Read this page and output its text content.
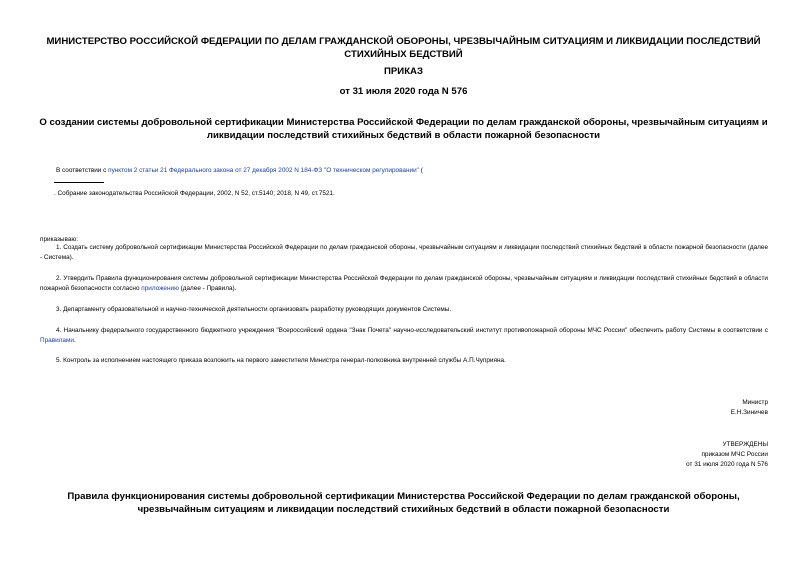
МИНИСТЕРСТВО РОССИЙСКОЙ ФЕДЕРАЦИИ ПО ДЕЛАМ ГРАЖДАНСКОЙ ОБОРОНЫ, ЧРЕЗВЫЧАЙНЫМ СИТУАЦИЯМ И ЛИКВИДАЦИИ ПОСЛЕДСТВИЙ СТИХИЙНЫХ БЕДСТВИЙ
ПРИКАЗ
от 31 июля 2020 года N 576
О создании системы добровольной сертификации Министерства Российской Федерации по делам гражданской обороны, чрезвычайным ситуациям и ликвидации последствий стихийных бедствий в области пожарной безопасности
В соответствии с пунктом 2 статьи 21 Федерального закона от 27 декабря 2002 N 184-ФЗ "О техническом регулировании" (
. Собрание законодательства Российской Федерации, 2002, N 52, ст.5140; 2018, N 49, ст.7521.
приказываю:
1. Создать систему добровольной сертификации Министерства Российской Федерации по делам гражданской обороны, чрезвычайным ситуациям и ликвидации последствий стихийных бедствий в области пожарной безопасности (далее - Система).
2. Утвердить Правила функционирования системы добровольной сертификации Министерства Российской Федерации по делам гражданской обороны, чрезвычайным ситуациям и ликвидации последствий стихийных бедствий в области пожарной безопасности согласно приложению (далее - Правила).
3. Департаменту образовательной и научно-технической деятельности организовать разработку руководящих документов Системы.
4. Начальнику федерального государственного бюджетного учреждения "Всероссийский ордена "Знак Почета" научно-исследовательский институт противопожарной обороны МЧС России" обеспечить работу Системы в соответствии с Правилами.
5. Контроль за исполнением настоящего приказа возложить на первого заместителя Министра генерал-полковника внутренней службы А.П.Чуприяна.
Министр
Е.Н.Зиничев
УТВЕРЖДЕНЫ
приказом МЧС России
от 31 июля 2020 года N 576
Правила функционирования системы добровольной сертификации Министерства Российской Федерации по делам гражданской обороны, чрезвычайным ситуациям и ликвидации последствий стихийных бедствий в области пожарной безопасности
